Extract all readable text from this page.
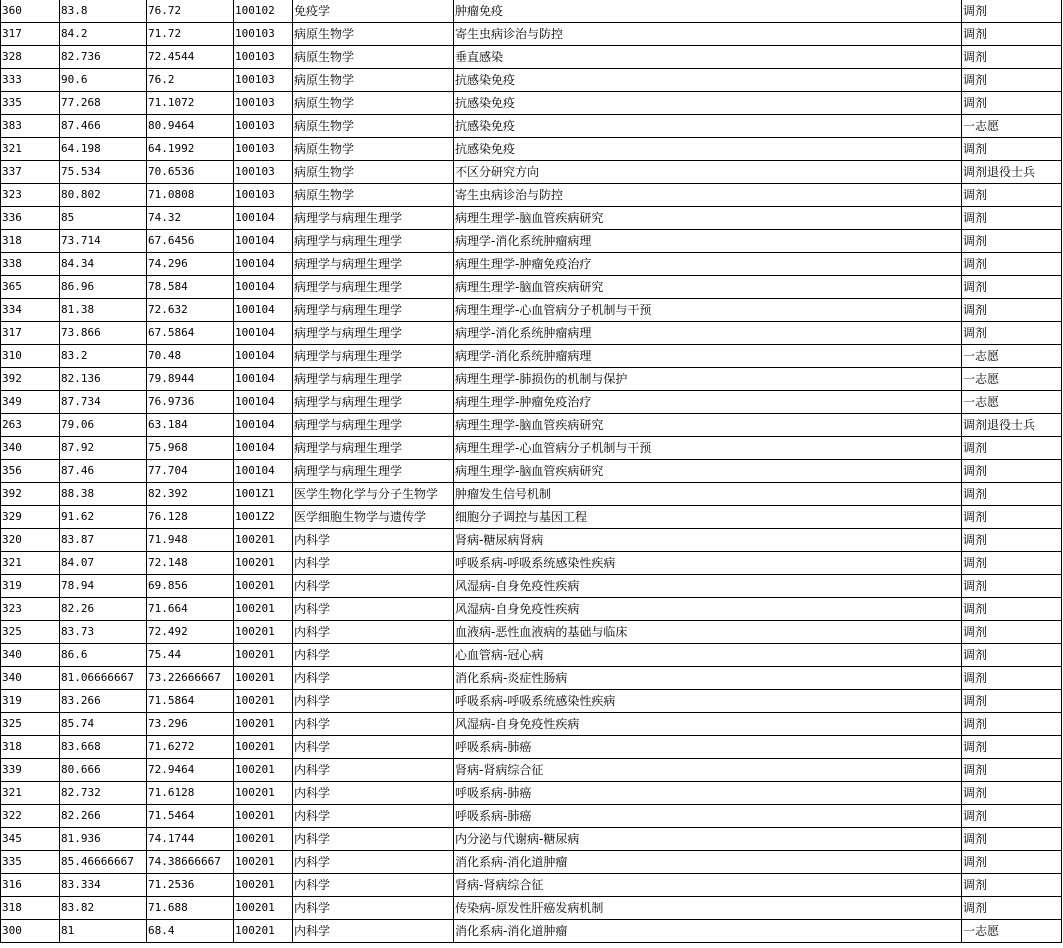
360	83.8	76.72	100102	免疫学	肿瘤免疫	调剂
317	84.2	71.72	100103	病原生物学	寄生虫病诊治与防控	调剂
328	82.736	72.4544	100103	病原生物学	垂直感染	调剂
333	90.6	76.2	100103	病原生物学	抗感染免疫	调剂
335	77.268	71.1072	100103	病原生物学	抗感染免疫	调剂
383	87.466	80.9464	100103	病原生物学	抗感染免疫	一志愿
321	64.198	64.1992	100103	病原生物学	抗感染免疫	调剂
337	75.534	70.6536	100103	病原生物学	不区分研究方向	调剂退役士兵
323	80.802	71.0808	100103	病原生物学	寄生虫病诊治与防控	调剂
336	85	74.32	100104	病理学与病理生理学	病理生理学-脑血管疾病研究	调剂
318	73.714	67.6456	100104	病理学与病理生理学	病理学-消化系统肿瘤病理	调剂
338	84.34	74.296	100104	病理学与病理生理学	病理生理学-肿瘤免疫治疗	调剂
365	86.96	78.584	100104	病理学与病理生理学	病理生理学-脑血管疾病研究	调剂
334	81.38	72.632	100104	病理学与病理生理学	病理生理学-心血管病分子机制与干预	调剂
317	73.866	67.5864	100104	病理学与病理生理学	病理学-消化系统肿瘤病理	调剂
310	83.2	70.48	100104	病理学与病理生理学	病理学-消化系统肿瘤病理	一志愿
392	82.136	79.8944	100104	病理学与病理生理学	病理生理学-肺损伤的机制与保护	一志愿
349	87.734	76.9736	100104	病理学与病理生理学	病理生理学-肿瘤免疫治疗	一志愿
263	79.06	63.184	100104	病理学与病理生理学	病理生理学-脑血管疾病研究	调剂退役士兵
340	87.92	75.968	100104	病理学与病理生理学	病理生理学-心血管病分子机制与干预	调剂
356	87.46	77.704	100104	病理学与病理生理学	病理生理学-脑血管疾病研究	调剂
392	88.38	82.392	1001Z1	医学生物化学与分子生物学	肿瘤发生信号机制	调剂
329	91.62	76.128	1001Z2	医学细胞生物学与遗传学	细胞分子调控与基因工程	调剂
320	83.87	71.948	100201	内科学	肾病-糖尿病肾病	调剂
321	84.07	72.148	100201	内科学	呼吸系病-呼吸系统感染性疾病	调剂
319	78.94	69.856	100201	内科学	风湿病-自身免疫性疾病	调剂
323	82.26	71.664	100201	内科学	风湿病-自身免疫性疾病	调剂
325	83.73	72.492	100201	内科学	血液病-恶性血液病的基础与临床	调剂
340	86.6	75.44	100201	内科学	心血管病-冠心病	调剂
340	81.06666667	73.22666667	100201	内科学	消化系病-炎症性肠病	调剂
319	83.266	71.5864	100201	内科学	呼吸系病-呼吸系统感染性疾病	调剂
325	85.74	73.296	100201	内科学	风湿病-自身免疫性疾病	调剂
318	83.668	71.6272	100201	内科学	呼吸系病-肺癌	调剂
339	80.666	72.9464	100201	内科学	肾病-肾病综合征	调剂
321	82.732	71.6128	100201	内科学	呼吸系病-肺癌	调剂
322	82.266	71.5464	100201	内科学	呼吸系病-肺癌	调剂
345	81.936	74.1744	100201	内科学	内分泌与代谢病-糖尿病	调剂
335	85.46666667	74.38666667	100201	内科学	消化系病-消化道肿瘤	调剂
316	83.334	71.2536	100201	内科学	肾病-肾病综合征	调剂
318	83.82	71.688	100201	内科学	传染病-原发性肝癌发病机制	调剂
300	81	68.4	100201	内科学	消化系病-消化道肿瘤	一志愿
